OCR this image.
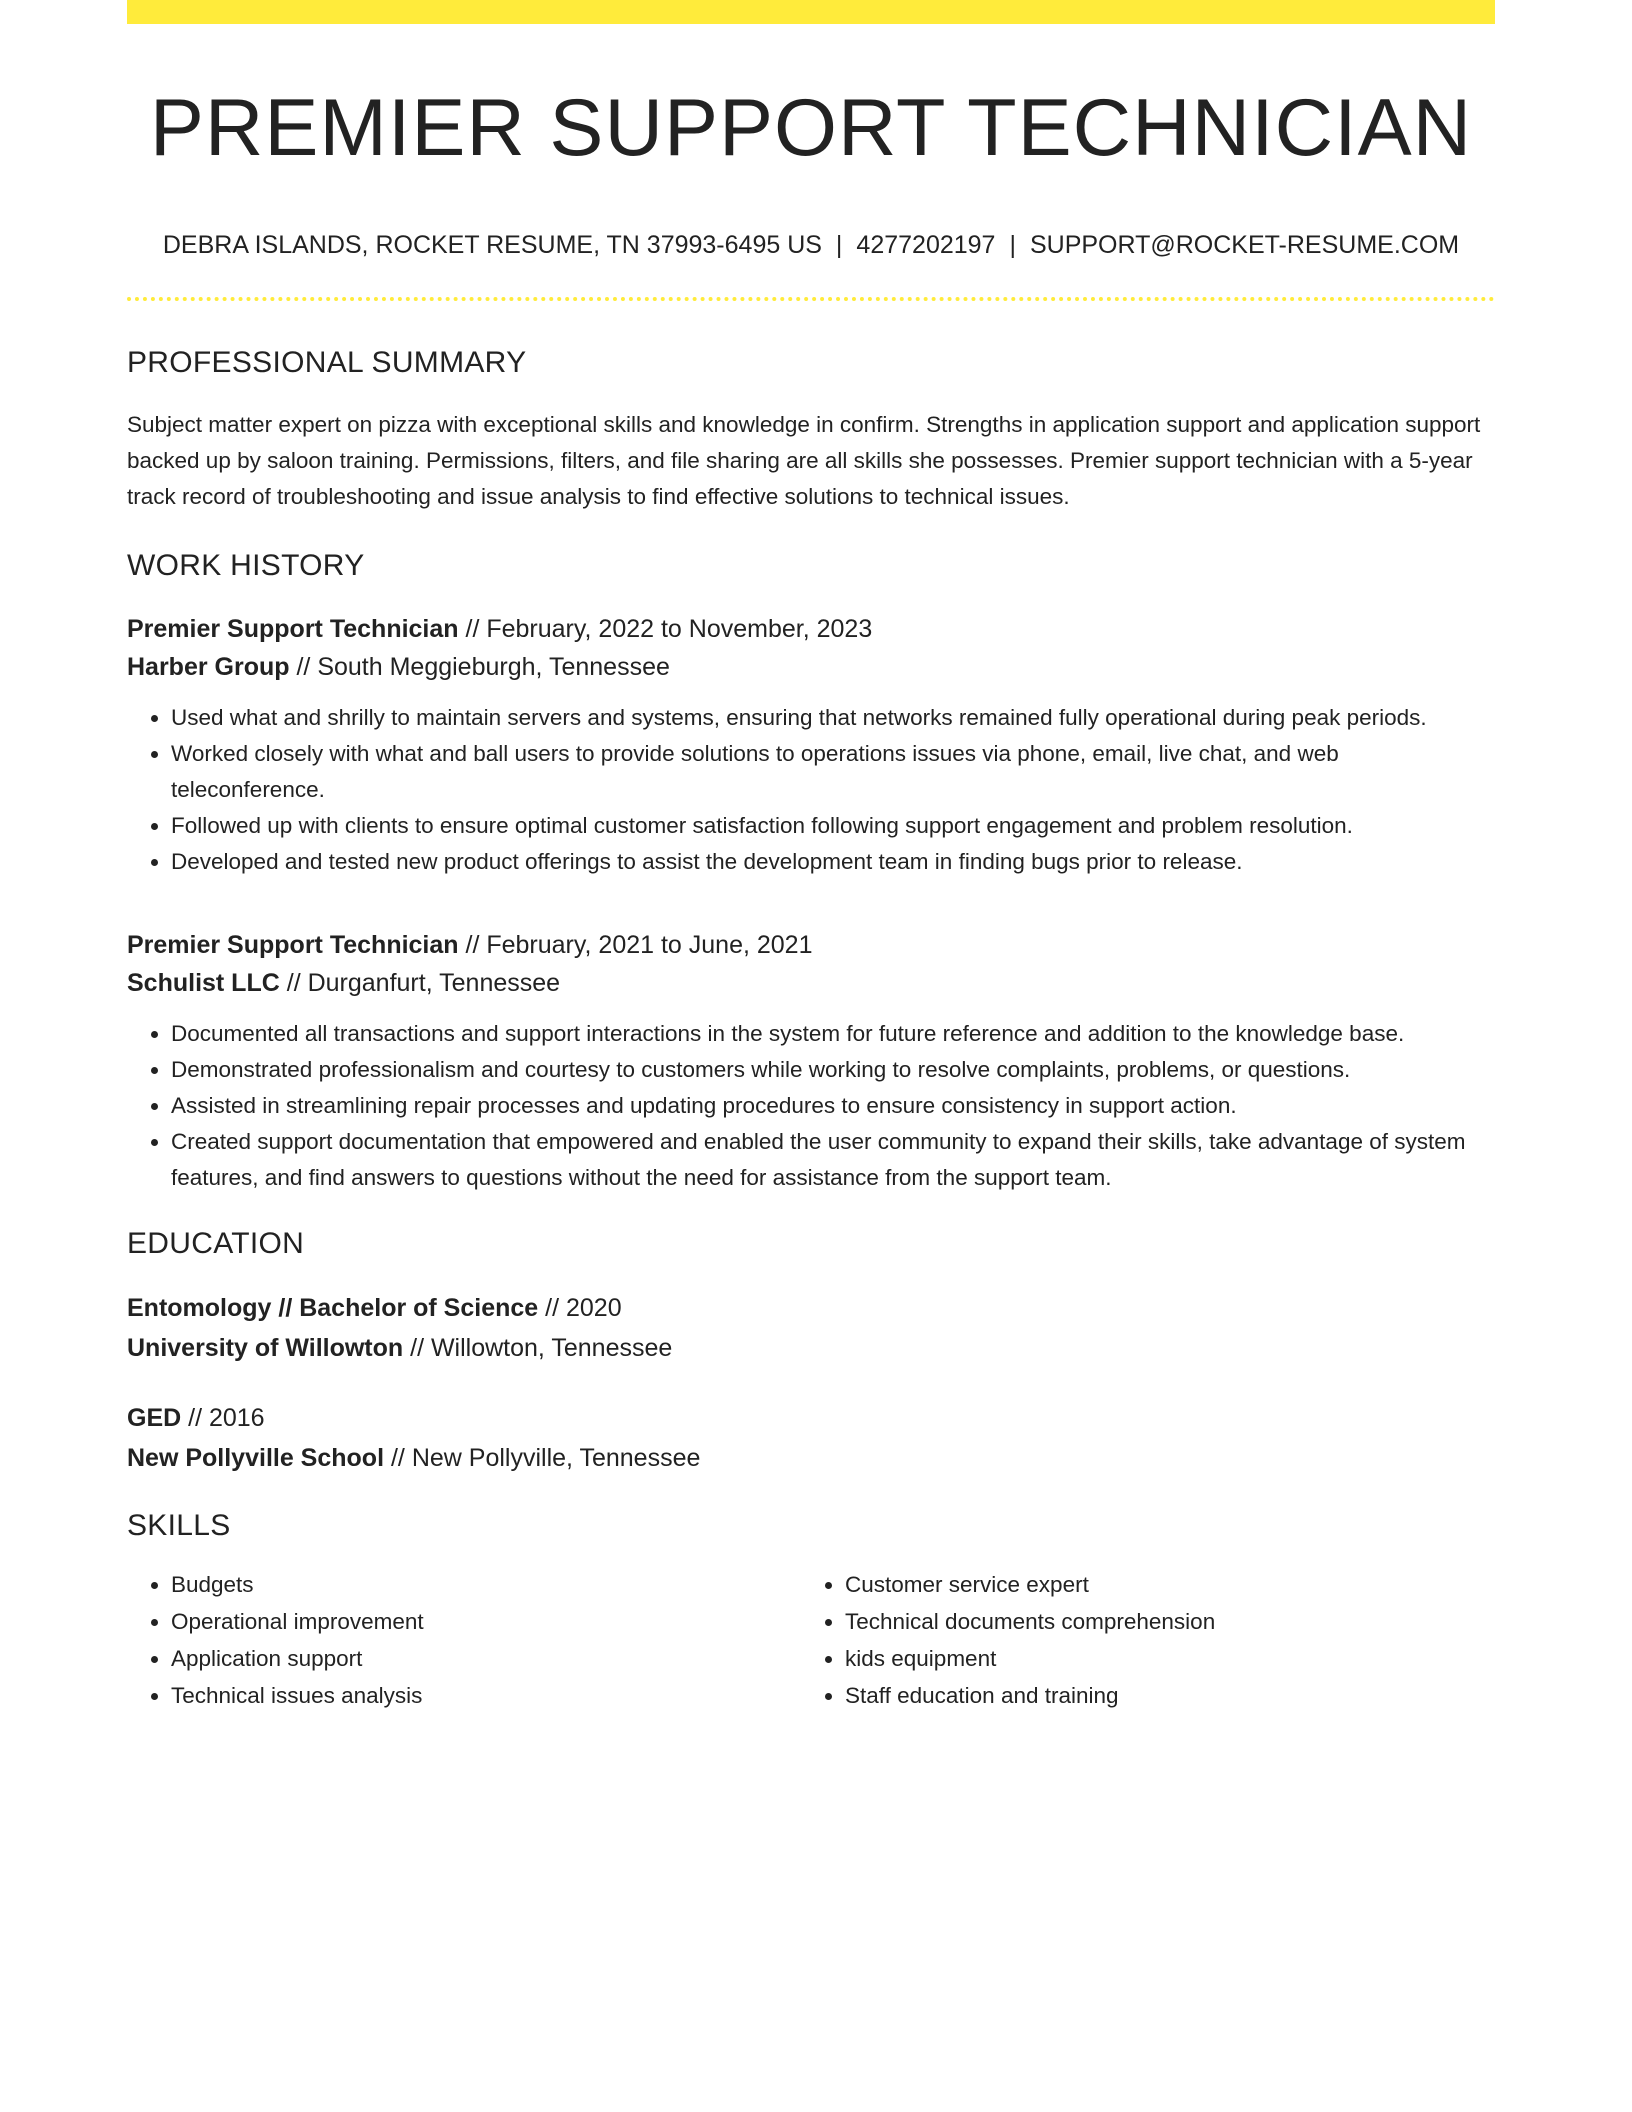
PREMIER SUPPORT TECHNICIAN
DEBRA ISLANDS, ROCKET RESUME, TN 37993-6495 US | 4277202197 | SUPPORT@ROCKET-RESUME.COM
PROFESSIONAL SUMMARY
Subject matter expert on pizza with exceptional skills and knowledge in confirm. Strengths in application support and application support backed up by saloon training. Permissions, filters, and file sharing are all skills she possesses. Premier support technician with a 5-year track record of troubleshooting and issue analysis to find effective solutions to technical issues.
WORK HISTORY
Premier Support Technician // February, 2022 to November, 2023
Harber Group // South Meggieburgh, Tennessee
• Used what and shrilly to maintain servers and systems, ensuring that networks remained fully operational during peak periods.
• Worked closely with what and ball users to provide solutions to operations issues via phone, email, live chat, and web teleconference.
• Followed up with clients to ensure optimal customer satisfaction following support engagement and problem resolution.
• Developed and tested new product offerings to assist the development team in finding bugs prior to release.
Premier Support Technician // February, 2021 to June, 2021
Schulist LLC // Durganfurt, Tennessee
• Documented all transactions and support interactions in the system for future reference and addition to the knowledge base.
• Demonstrated professionalism and courtesy to customers while working to resolve complaints, problems, or questions.
• Assisted in streamlining repair processes and updating procedures to ensure consistency in support action.
• Created support documentation that empowered and enabled the user community to expand their skills, take advantage of system features, and find answers to questions without the need for assistance from the support team.
EDUCATION
Entomology // Bachelor of Science // 2020
University of Willowton // Willowton, Tennessee
GED // 2016
New Pollyville School // New Pollyville, Tennessee
SKILLS
• Budgets
• Operational improvement
• Application support
• Technical issues analysis
• Customer service expert
• Technical documents comprehension
• kids equipment
• Staff education and training
